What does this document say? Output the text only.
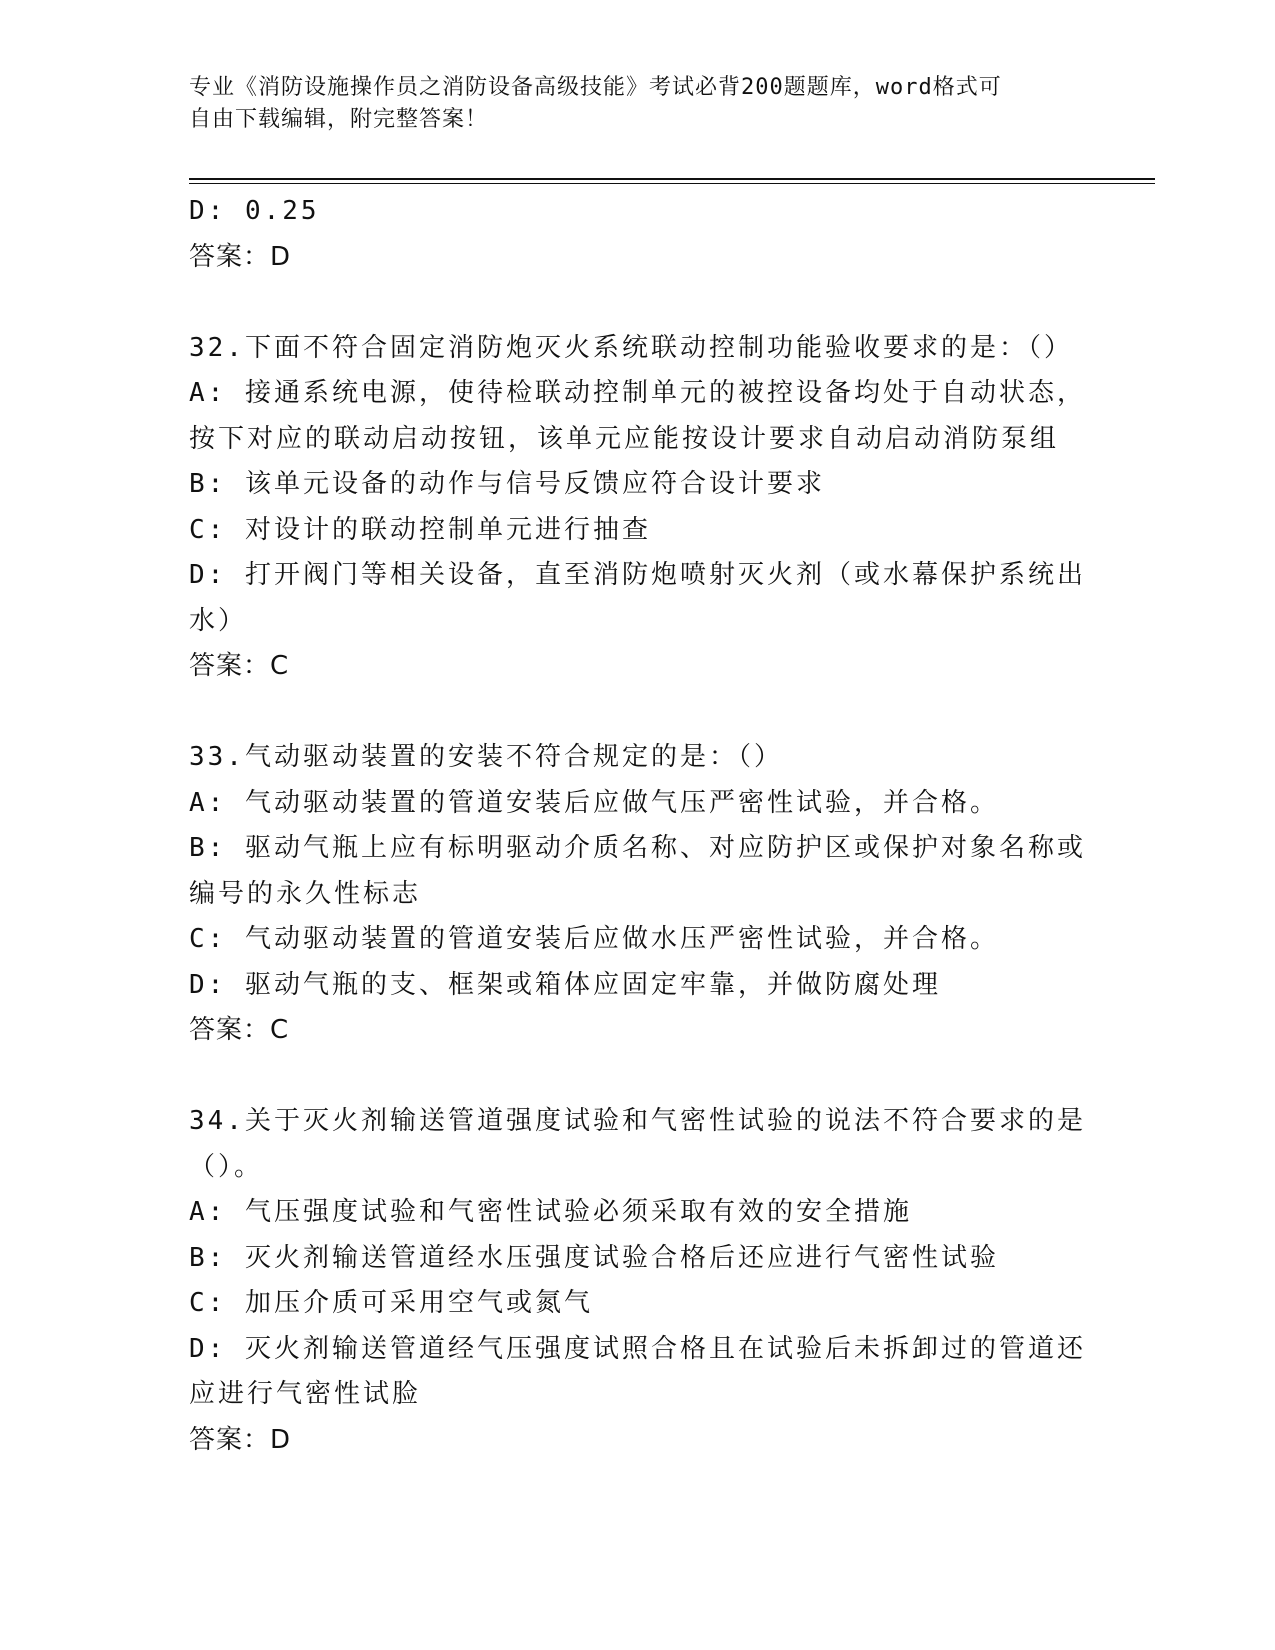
专业《消防设施操作员之消防设备高级技能》考试必背200题题库，word格式可
自由下载编辑，附完整答案！
D: 0.25
答案：D
32.下面不符合固定消防炮灭火系统联动控制功能验收要求的是：（）
A: 接通系统电源，使待检联动控制单元的被控设备均处于自动状态，
按下对应的联动启动按钮，该单元应能按设计要求自动启动消防泵组
B: 该单元设备的动作与信号反馈应符合设计要求
C: 对设计的联动控制单元进行抽查
D: 打开阀门等相关设备，直至消防炮喷射灭火剂（或水幕保护系统出
水）
答案：C
33.气动驱动装置的安装不符合规定的是：（）
A: 气动驱动装置的管道安装后应做气压严密性试验，并合格。
B: 驱动气瓶上应有标明驱动介质名称、对应防护区或保护对象名称或
编号的永久性标志
C: 气动驱动装置的管道安装后应做水压严密性试验，并合格。
D: 驱动气瓶的支、框架或箱体应固定牢靠，并做防腐处理
答案：C
34.关于灭火剂输送管道强度试验和气密性试验的说法不符合要求的是
（）。
A: 气压强度试验和气密性试验必须采取有效的安全措施
B: 灭火剂输送管道经水压强度试验合格后还应进行气密性试验
C: 加压介质可采用空气或氮气
D: 灭火剂输送管道经气压强度试照合格且在试验后未拆卸过的管道还
应进行气密性试脸
答案：D
